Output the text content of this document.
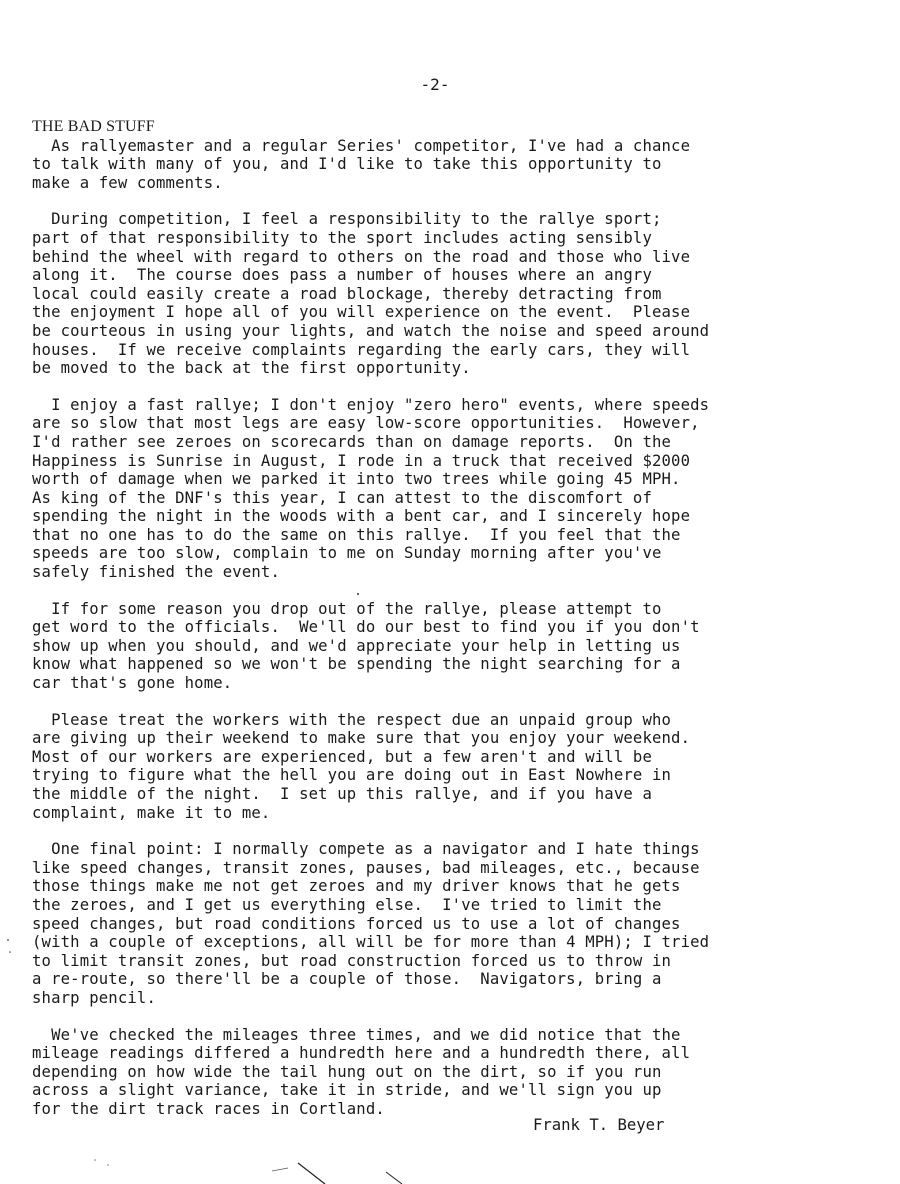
-2-
THE BAD STUFF
As rallyemaster and a regular Series' competitor, I've had a chance
to talk with many of you, and I'd like to take this opportunity to
make a few comments.
During competition, I feel a responsibility to the rallye sport;
part of that responsibility to the sport includes acting sensibly
behind the wheel with regard to others on the road and those who live
along it.  The course does pass a number of houses where an angry
local could easily create a road blockage, thereby detracting from
the enjoyment I hope all of you will experience on the event.  Please
be courteous in using your lights, and watch the noise and speed around
houses.  If we receive complaints regarding the early cars, they will
be moved to the back at the first opportunity.
I enjoy a fast rallye; I don't enjoy "zero hero" events, where speeds
are so slow that most legs are easy low-score opportunities.  However,
I'd rather see zeroes on scorecards than on damage reports.  On the
Happiness is Sunrise in August, I rode in a truck that received $2000
worth of damage when we parked it into two trees while going 45 MPH.
As king of the DNF's this year, I can attest to the discomfort of
spending the night in the woods with a bent car, and I sincerely hope
that no one has to do the same on this rallye.  If you feel that the
speeds are too slow, complain to me on Sunday morning after you've
safely finished the event.
If for some reason you drop out of the rallye, please attempt to
get word to the officials.  We'll do our best to find you if you don't
show up when you should, and we'd appreciate your help in letting us
know what happened so we won't be spending the night searching for a
car that's gone home.
Please treat the workers with the respect due an unpaid group who
are giving up their weekend to make sure that you enjoy your weekend.
Most of our workers are experienced, but a few aren't and will be
trying to figure what the hell you are doing out in East Nowhere in
the middle of the night.  I set up this rallye, and if you have a
complaint, make it to me.
One final point: I normally compete as a navigator and I hate things
like speed changes, transit zones, pauses, bad mileages, etc., because
those things make me not get zeroes and my driver knows that he gets
the zeroes, and I get us everything else.  I've tried to limit the
speed changes, but road conditions forced us to use a lot of changes
(with a couple of exceptions, all will be for more than 4 MPH); I tried
to limit transit zones, but road construction forced us to throw in
a re-route, so there'll be a couple of those.  Navigators, bring a
sharp pencil.
We've checked the mileages three times, and we did notice that the
mileage readings differed a hundredth here and a hundredth there, all
depending on how wide the tail hung out on the dirt, so if you run
across a slight variance, take it in stride, and we'll sign you up
for the dirt track races in Cortland.
Frank T. Beyer
